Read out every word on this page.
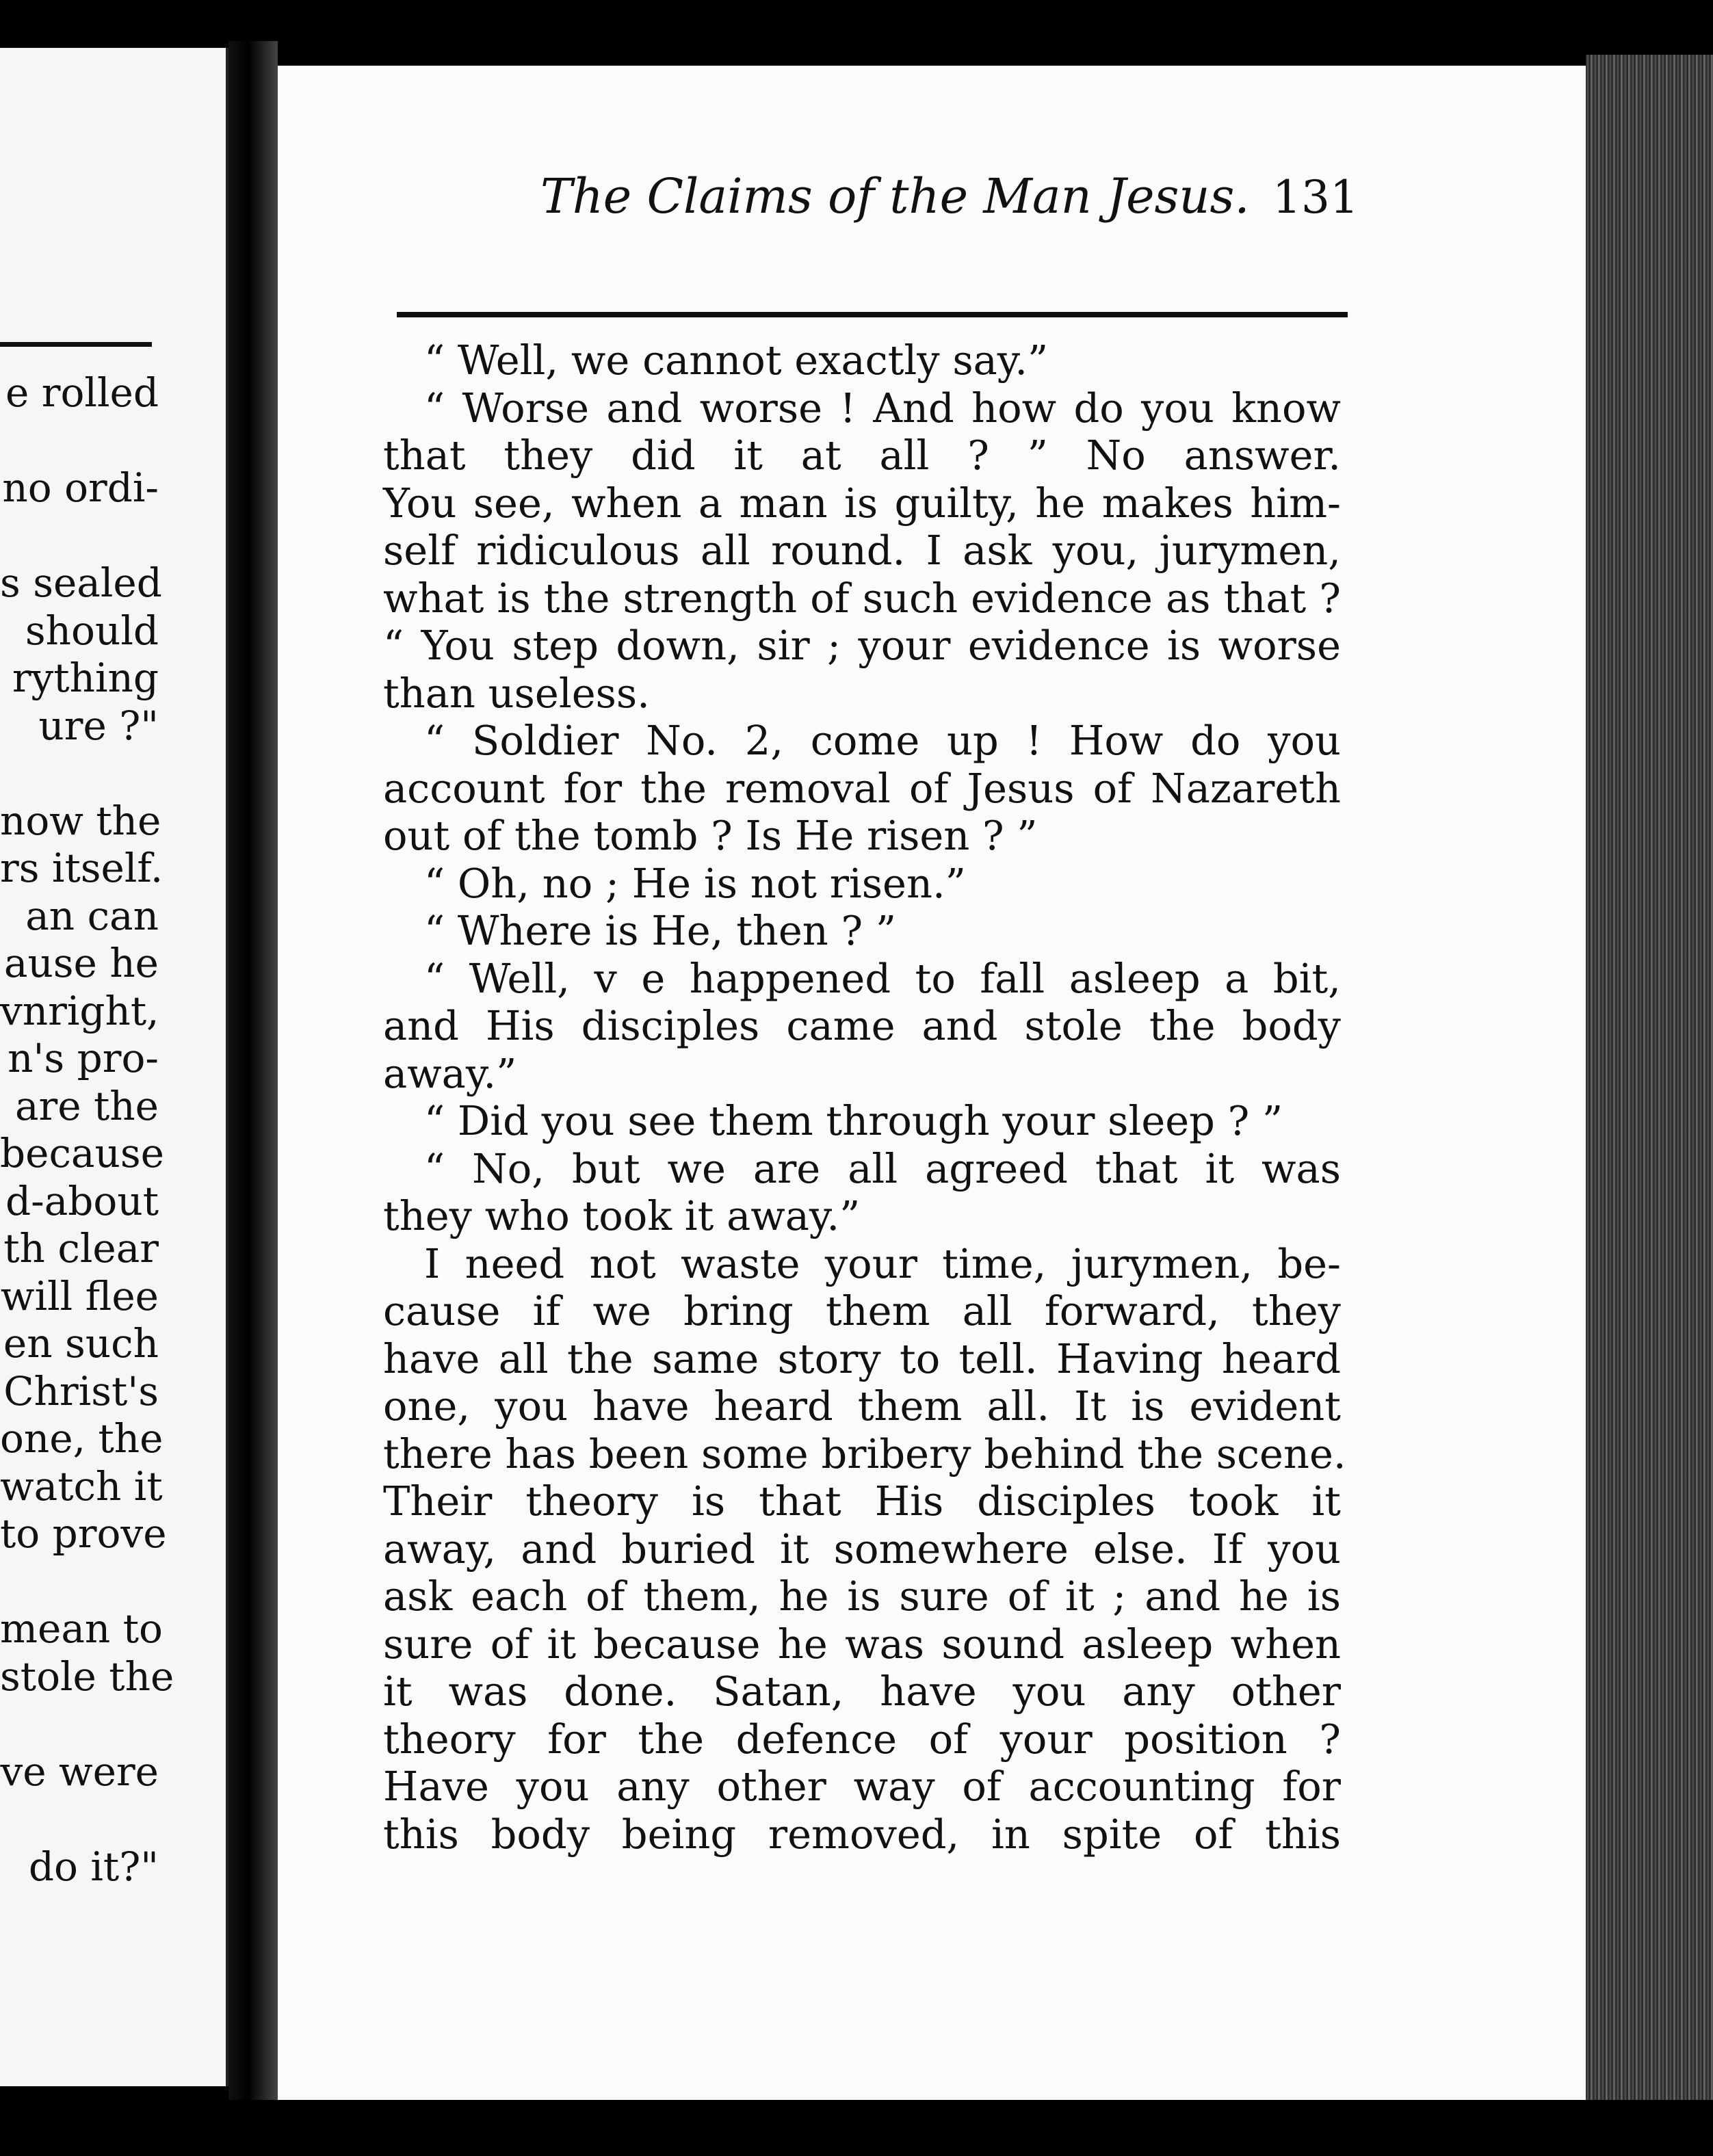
e rolled
no ordi-
s sealed
should
rything
ure ?"
now the
rs itself.
an can
ause he
vnright,
n's pro-
are the
because
d-about
th clear
will flee
en such
Christ's
one, the
watch it
to prove
mean to
stole the
ve were
do it?"
The Claims of the Man Jesus. 131
“ Well, we cannot exactly say.”
“ Worse and worse ! And how do you know
that they did it at all ? ” No answer.
You see, when a man is guilty, he makes him-
self ridiculous all round. I ask you, jurymen,
what is the strength of such evidence as that ?
“ You step down, sir ; your evidence is worse
than useless.
“ Soldier No. 2, come up ! How do you
account for the removal of Jesus of Nazareth
out of the tomb ? Is He risen ? ”
“ Oh, no ; He is not risen.”
“ Where is He, then ? ”
“ Well, v e happened to fall asleep a bit,
and His disciples came and stole the body
away.”
“ Did you see them through your sleep ? ”
“ No, but we are all agreed that it was
they who took it away.”
I need not waste your time, jurymen, be-
cause if we bring them all forward, they
have all the same story to tell. Having heard
one, you have heard them all. It is evident
there has been some bribery behind the scene.
Their theory is that His disciples took it
away, and buried it somewhere else. If you
ask each of them, he is sure of it ; and he is
sure of it because he was sound asleep when
it was done. Satan, have you any other
theory for the defence of your position ?
Have you any other way of accounting for
this body being removed, in spite of this
